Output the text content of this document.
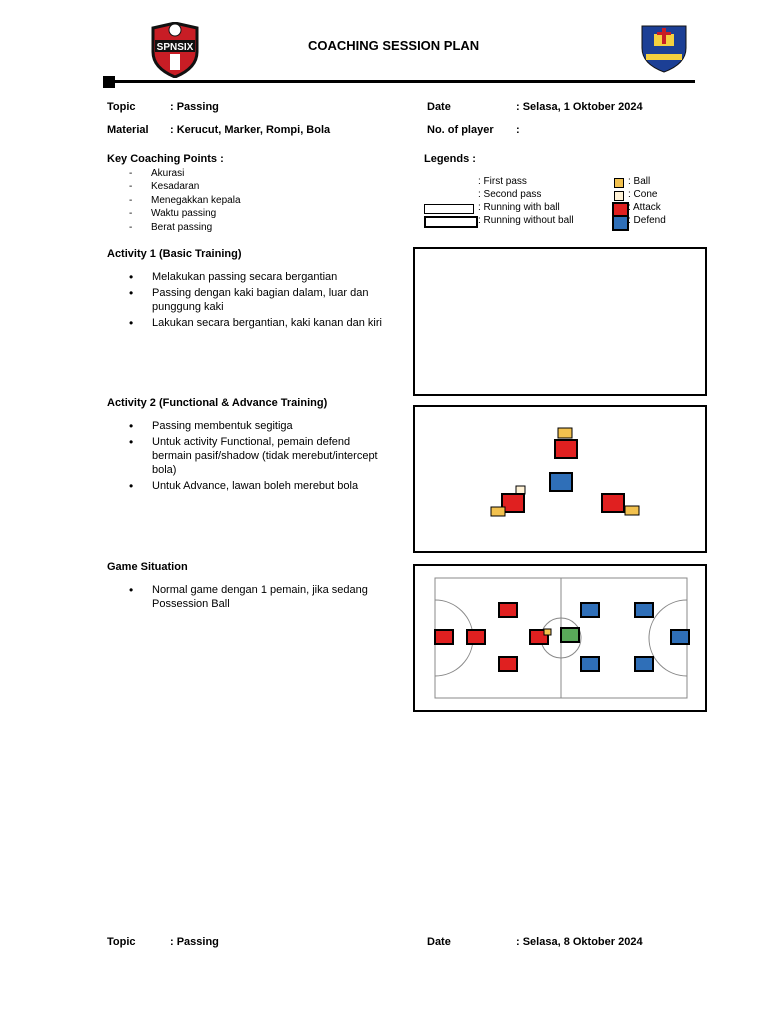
SPNSIX	COACHING SESSION PLAN
Topic	: Passing	Date	: Selasa, 1 Oktober 2024
Material : Kerucut, Marker, Rompi, Bola	No. of player :
Key Coaching Points :
- Akurasi
- Kesadaran
- Menegakkan kepala
- Waktu passing
- Berat passing
Legends :
: First pass
: Second pass
: Running with ball
: Running without ball
: Ball
: Cone
: Attack
: Defend
Activity 1 (Basic Training)
• Melakukan passing secara bergantian
• Passing dengan kaki bagian dalam, luar dan punggung kaki
• Lakukan secara bergantian, kaki kanan dan kiri
Activity 2 (Functional & Advance Training)
• Passing membentuk segitiga
• Untuk activity Functional, pemain defend bermain pasif/shadow (tidak merebut/intercept bola)
• Untuk Advance, lawan boleh merebut bola
Game Situation
• Normal game dengan 1 pemain, jika sedang Possession Ball
Topic	: Passing	Date	: Selasa, 8 Oktober 2024
